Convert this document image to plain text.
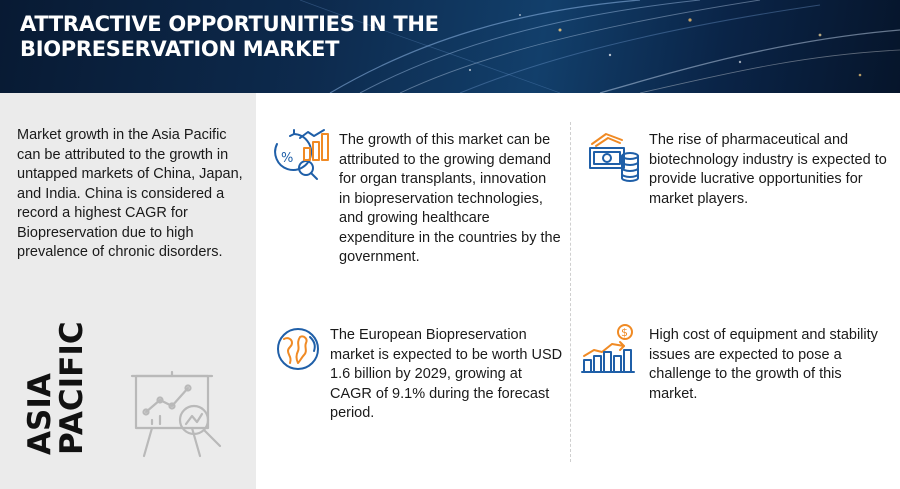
ATTRACTIVE OPPORTUNITIES IN THE
BIOPRESERVATION MARKET

Market growth in the Asia Pacific can be attributed to the growth in untapped markets of China, Japan, and India. China is considered a record a highest CAGR for Biopreservation due to high prevalence of chronic disorders.

ASIA
PACIFIC
%

The growth of this market can be attributed to the growing demand for organ transplants, innovation in biopreservation technologies, and growing healthcare expenditure in the countries by the government.

The rise of pharmaceutical and biotechnology industry is expected to provide lucrative opportunities for market players.

The European Biopreservation market is expected to be worth USD 1.6 billion by 2029, growing at CAGR of 9.1% during the forecast period.

$ High cost of equipment and stability issues are expected to pose a challenge to the growth of this market.
